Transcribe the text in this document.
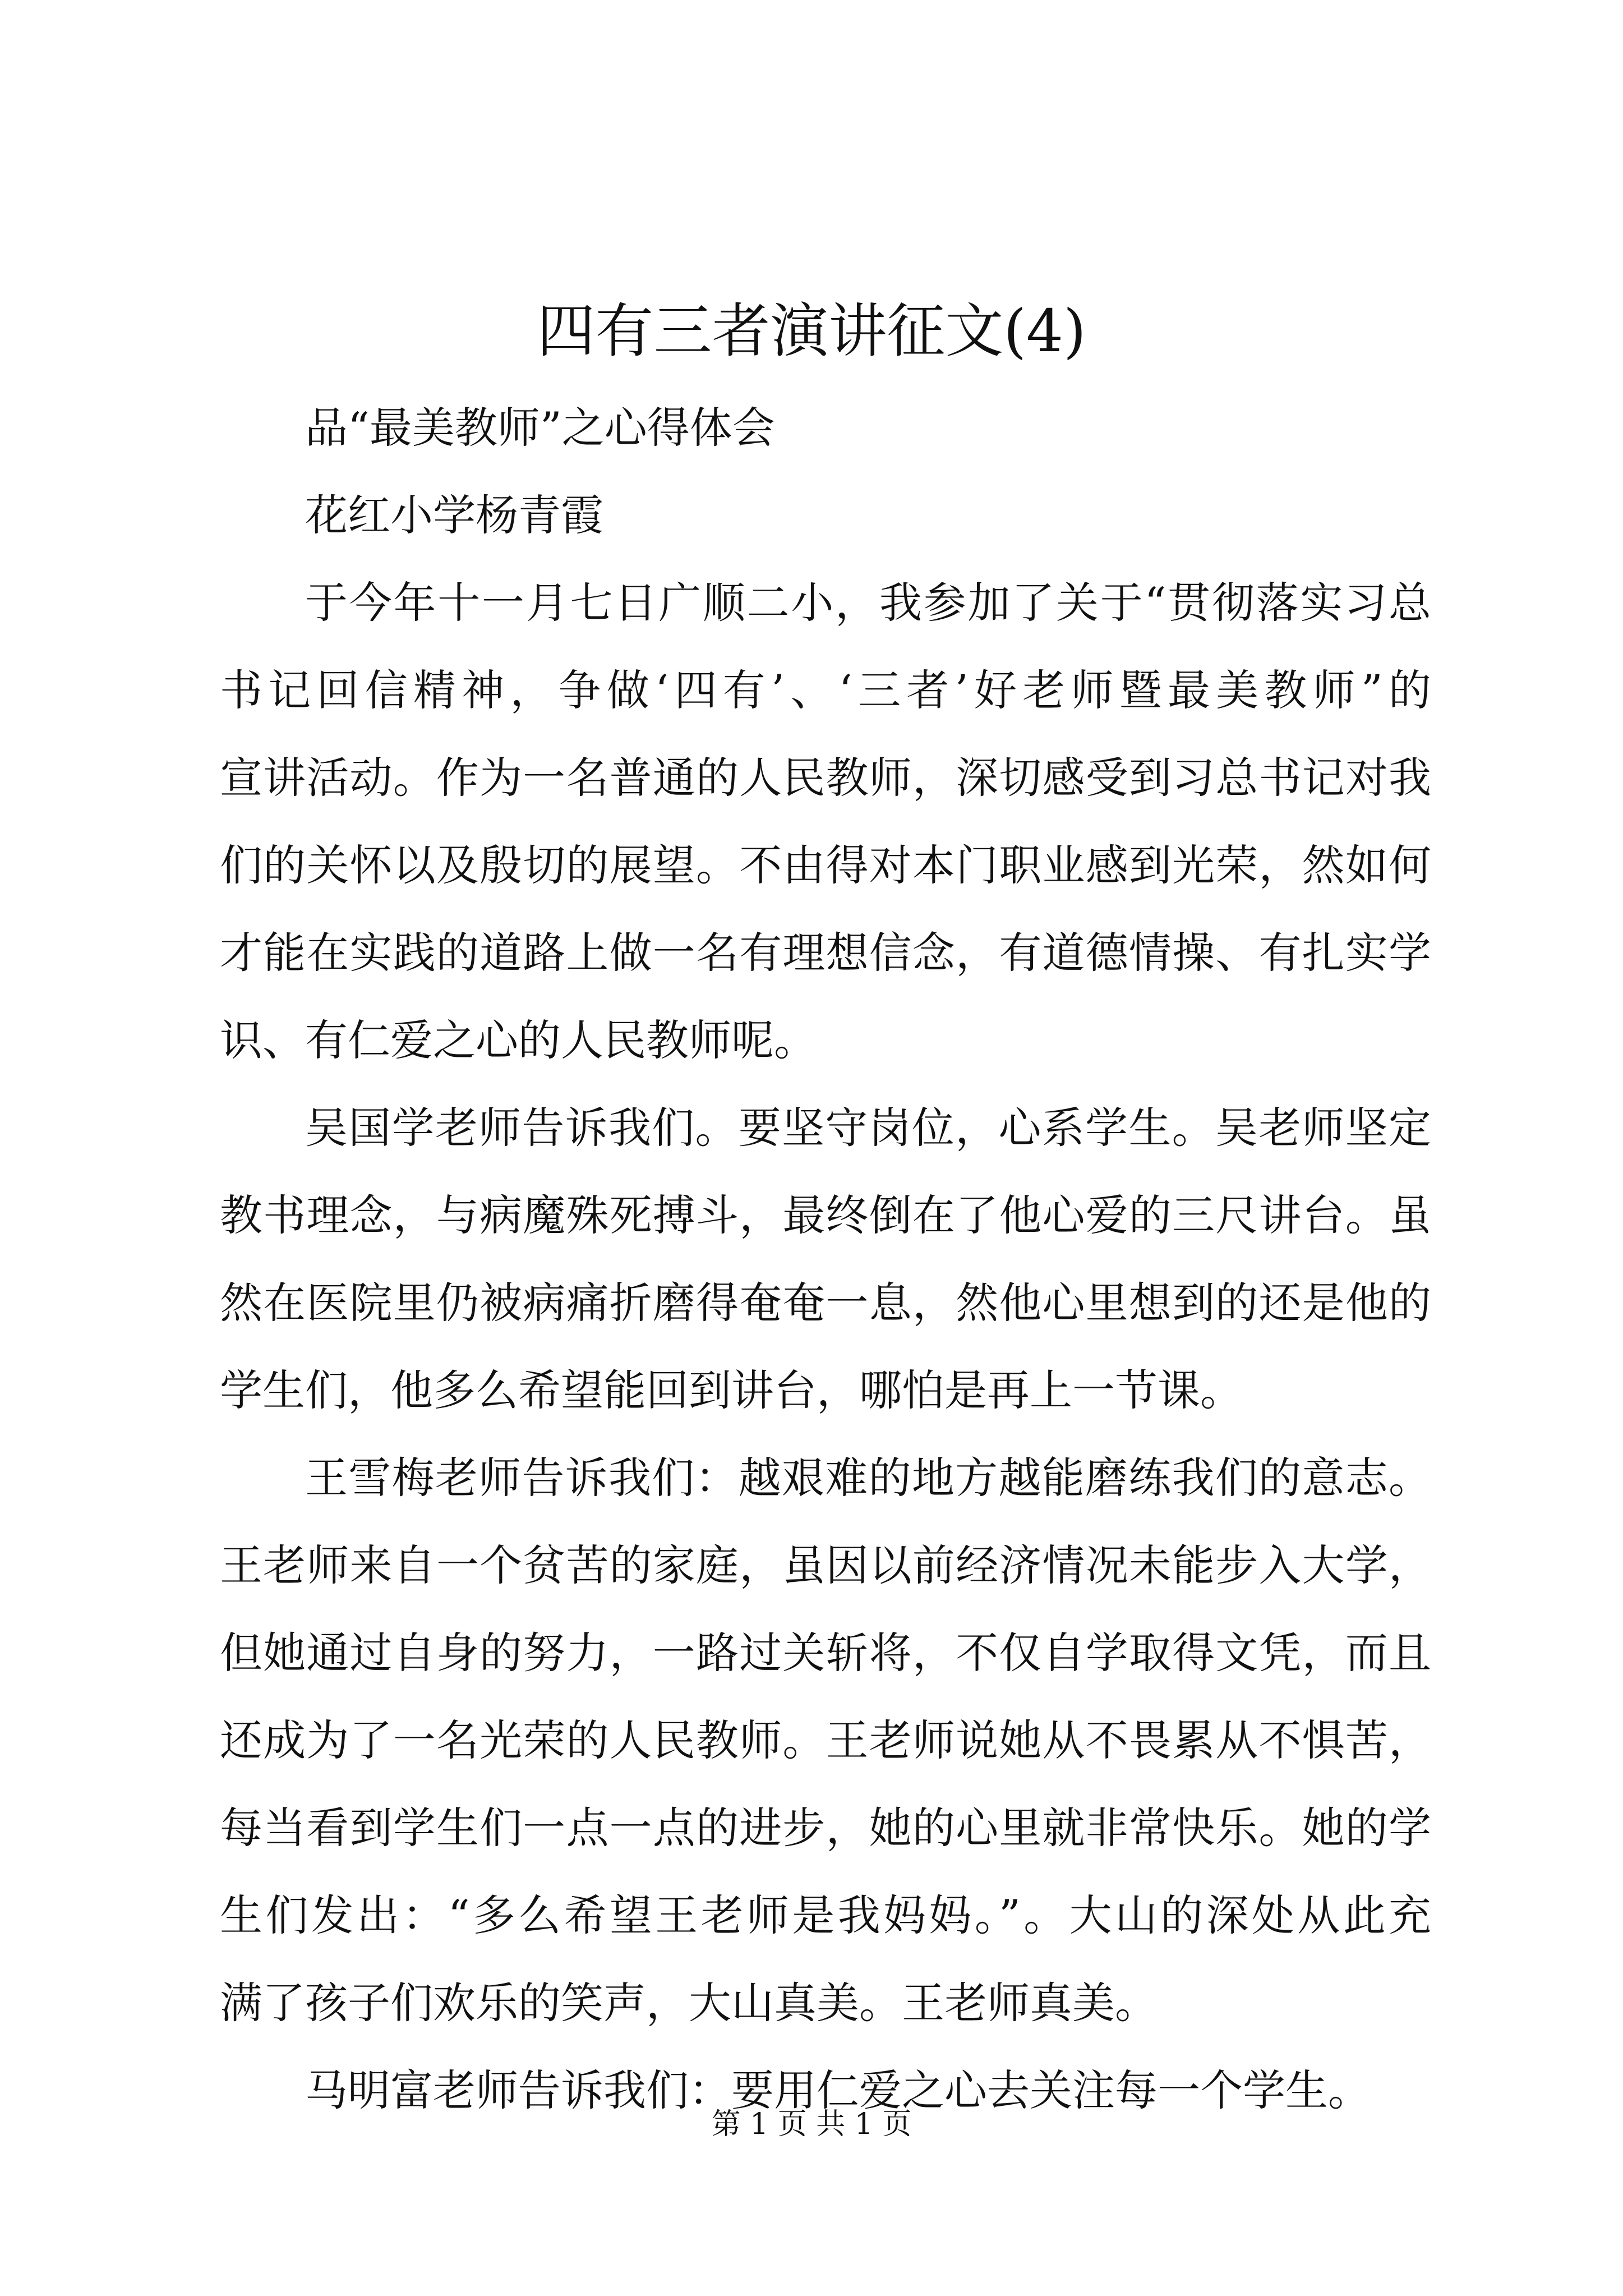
四有三者演讲征文(4)
品“最美教师”之心得体会
花红小学杨青霞
于今年十一月七日广顺二小，我参加了关于“贯彻落实习总
书记回信精神，争做‘四有’、‘三者’好老师暨最美教师”的
宣讲活动。作为一名普通的人民教师，深切感受到习总书记对我
们的关怀以及殷切的展望。不由得对本门职业感到光荣，然如何
才能在实践的道路上做一名有理想信念，有道德情操、有扎实学
识、有仁爱之心的人民教师呢。
吴国学老师告诉我们。要坚守岗位，心系学生。吴老师坚定
教书理念，与病魔殊死搏斗，最终倒在了他心爱的三尺讲台。虽
然在医院里仍被病痛折磨得奄奄一息，然他心里想到的还是他的
学生们，他多么希望能回到讲台，哪怕是再上一节课。
王雪梅老师告诉我们：越艰难的地方越能磨练我们的意志。
王老师来自一个贫苦的家庭，虽因以前经济情况未能步入大学，
但她通过自身的努力，一路过关斩将，不仅自学取得文凭，而且
还成为了一名光荣的人民教师。王老师说她从不畏累从不惧苦，
每当看到学生们一点一点的进步，她的心里就非常快乐。她的学
生们发出：“多么希望王老师是我妈妈。”。大山的深处从此充
满了孩子们欢乐的笑声，大山真美。王老师真美。
马明富老师告诉我们：要用仁爱之心去关注每一个学生。
第 1 页 共 1 页
